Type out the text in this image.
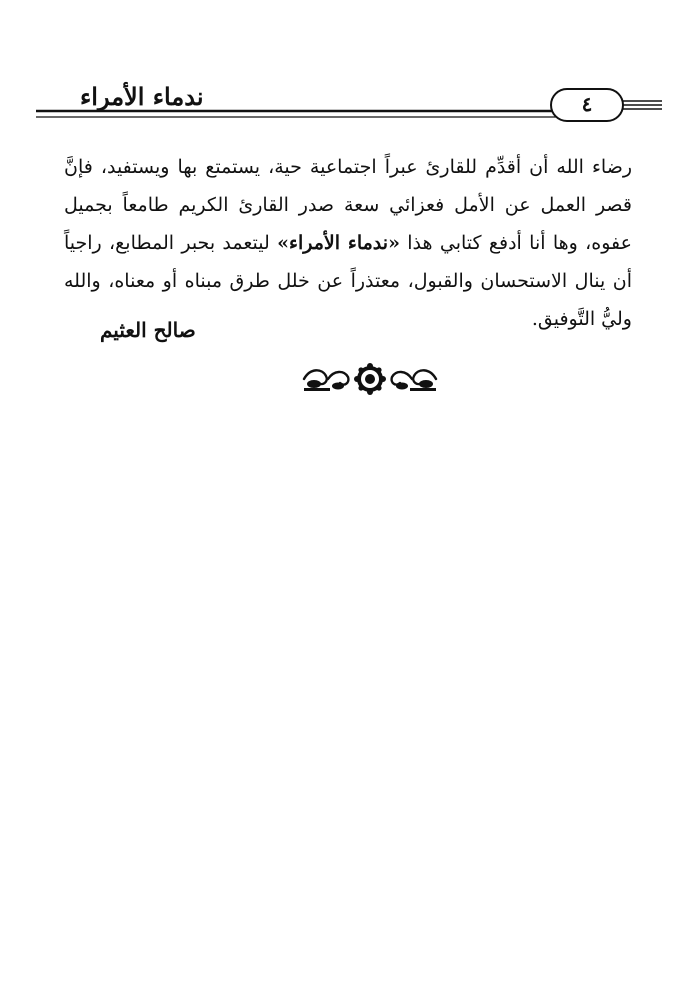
ندماء الأمراء	٤

رضاء الله أن أقدِّم للقارئ عبراً اجتماعية حية، يستمتع بها ويستفيد، فإنَّ قصر العمل عن الأمل فعزائي سعة صدر القارئ الكريم طامعاً بجميل عفوه، وها أنا أدفع كتابي هذا «ندماء الأمراء» ليتعمد بحبر المطابع، راجياً أن ينال الاستحسان والقبول، معتذراً عن خلل طرق مبناه أو معناه، والله وليُّ التَّوفيق.

صالح العثيم
